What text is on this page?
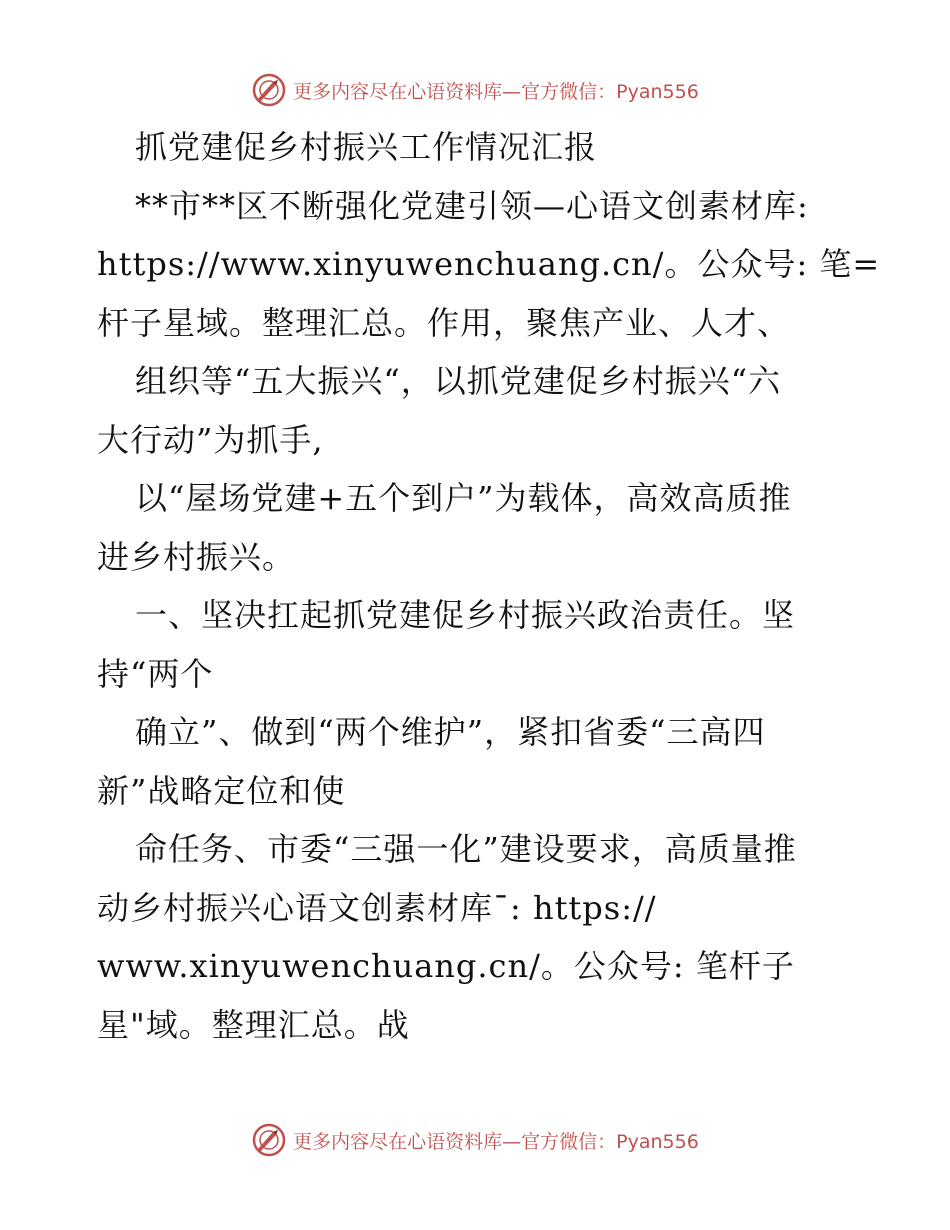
更多内容尽在心语资料库—官方微信：Pyan556
抓党建促乡村振兴工作情况汇报
**市**区不断强化党建引领—心语文创素材库:
https://www.xinyuwenchuang.cn/。公众号: 笔=
杆子星域。整理汇总。作用，聚焦产业、人才、
组织等“五大振兴“，以抓党建促乡村振兴“六
大行动”为抓手,
以“屋场党建+五个到户”为载体，高效高质推
进乡村振兴。
一、坚决扛起抓党建促乡村振兴政治责任。坚
持“两个
确立”、做到“两个维护”，紧扣省委“三高四
新”战略定位和使
命任务、市委“三强一化”建设要求，高质量推
动乡村振兴心语文创素材库¯: https://
www.xinyuwenchuang.cn/。公众号: 笔杆子
星"域。整理汇总。战
更多内容尽在心语资料库—官方微信：Pyan556
